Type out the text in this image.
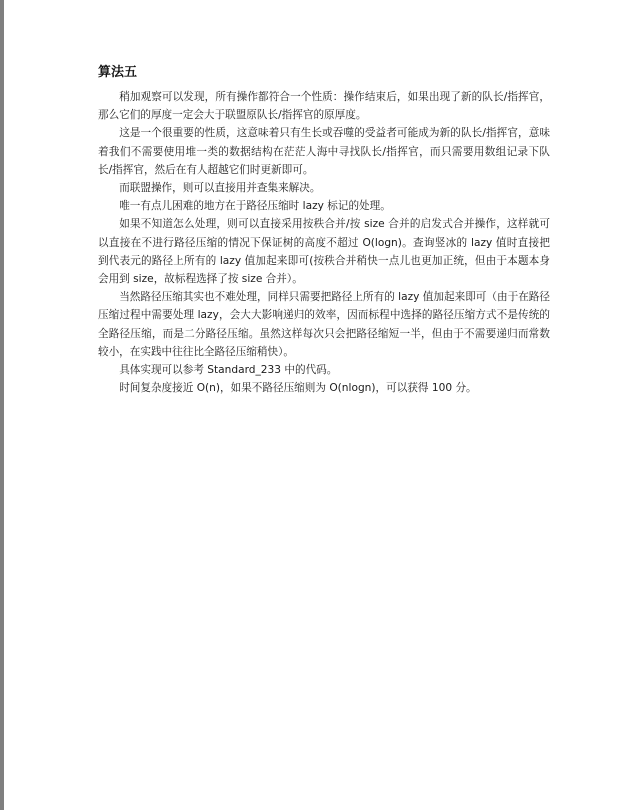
算法五

稍加观察可以发现，所有操作都符合一个性质：操作结束后，如果出现了新的队长/指挥官，那么它们的厚度一定会大于联盟原队长/指挥官的原厚度。

这是一个很重要的性质，这意味着只有生长或吞噬的受益者可能成为新的队长/指挥官，意味着我们不需要使用堆一类的数据结构在茫茫人海中寻找队长/指挥官，而只需要用数组记录下队长/指挥官，然后在有人超越它们时更新即可。

而联盟操作，则可以直接用并查集来解决。

唯一有点儿困难的地方在于路径压缩时 lazy 标记的处理。

如果不知道怎么处理，则可以直接采用按秩合并/按 size 合并的启发式合并操作，这样就可以直接在不进行路径压缩的情况下保证树的高度不超过 O(logn)。查询竖冰的 lazy 值时直接把到代表元的路径上所有的 lazy 值加起来即可(按秩合并稍快一点儿也更加正统，但由于本题本身会用到 size，故标程选择了按 size 合并）。

当然路径压缩其实也不难处理，同样只需要把路径上所有的 lazy 值加起来即可（由于在路径压缩过程中需要处理 lazy，会大大影响递归的效率，因而标程中选择的路径压缩方式不是传统的全路径压缩，而是二分路径压缩。虽然这样每次只会把路径缩短一半，但由于不需要递归而常数较小，在实践中往往比全路径压缩稍快）。

具体实现可以参考 Standard_233 中的代码。

时间复杂度接近 O(n)，如果不路径压缩则为 O(nlogn)，可以获得 100 分。
